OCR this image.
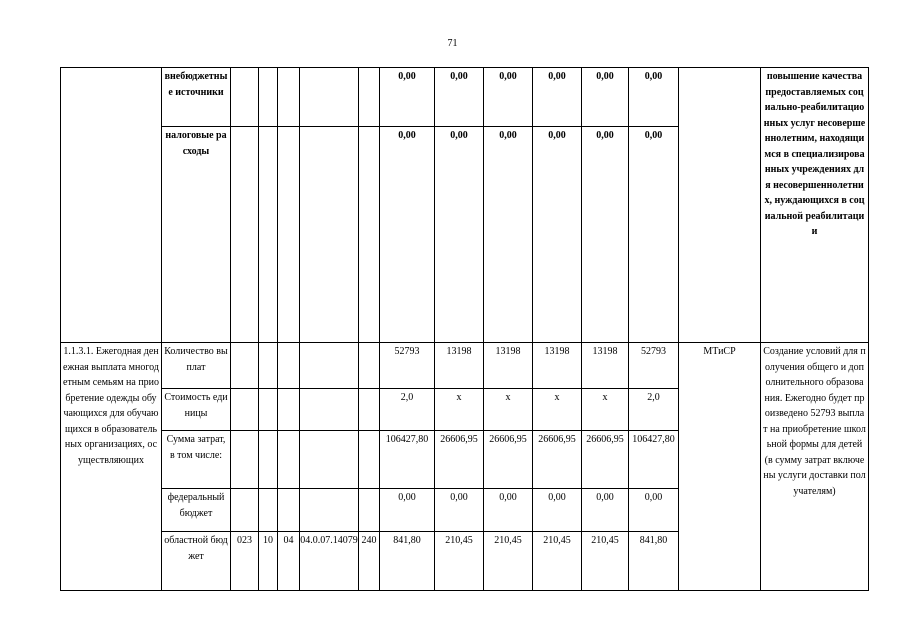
71
	внебюджетные источники						0,00	0,00	0,00	0,00	0,00	0,00		повышение качества предоставляемых социально-реабилитационных услуг несовершеннолетним, находящимся в специализированных учреждениях для несовершеннолетних, нуждающихся в социальной реабилитации
	налоговые расходы						0,00	0,00	0,00	0,00	0,00	0,00		
1.1.3.1. Ежегодная денежная выплата многодетным семьям на приобретение одежды обучающихся для обучающихся в образовательных организациях, осуществляющих	Количество выплат						52793	13198	13198	13198	13198	52793	МТиСР	Создание условий для получения общего и дополнительного образования. Ежегодно будет произведено 52793 выплат на приобретение школьной формы для детей (в сумму затрат включены услуги доставки получателям)
	Стоимость единицы						2,0	x	x	x	x	2,0		
	Сумма затрат, в том числе:						106427,80	26606,95	26606,95	26606,95	26606,95	106427,80		
	федеральный бюджет						0,00	0,00	0,00	0,00	0,00	0,00		
	областной бюджет	023	10	04	04.0.07.14079	240	841,80	210,45	210,45	210,45	210,45	841,80		
